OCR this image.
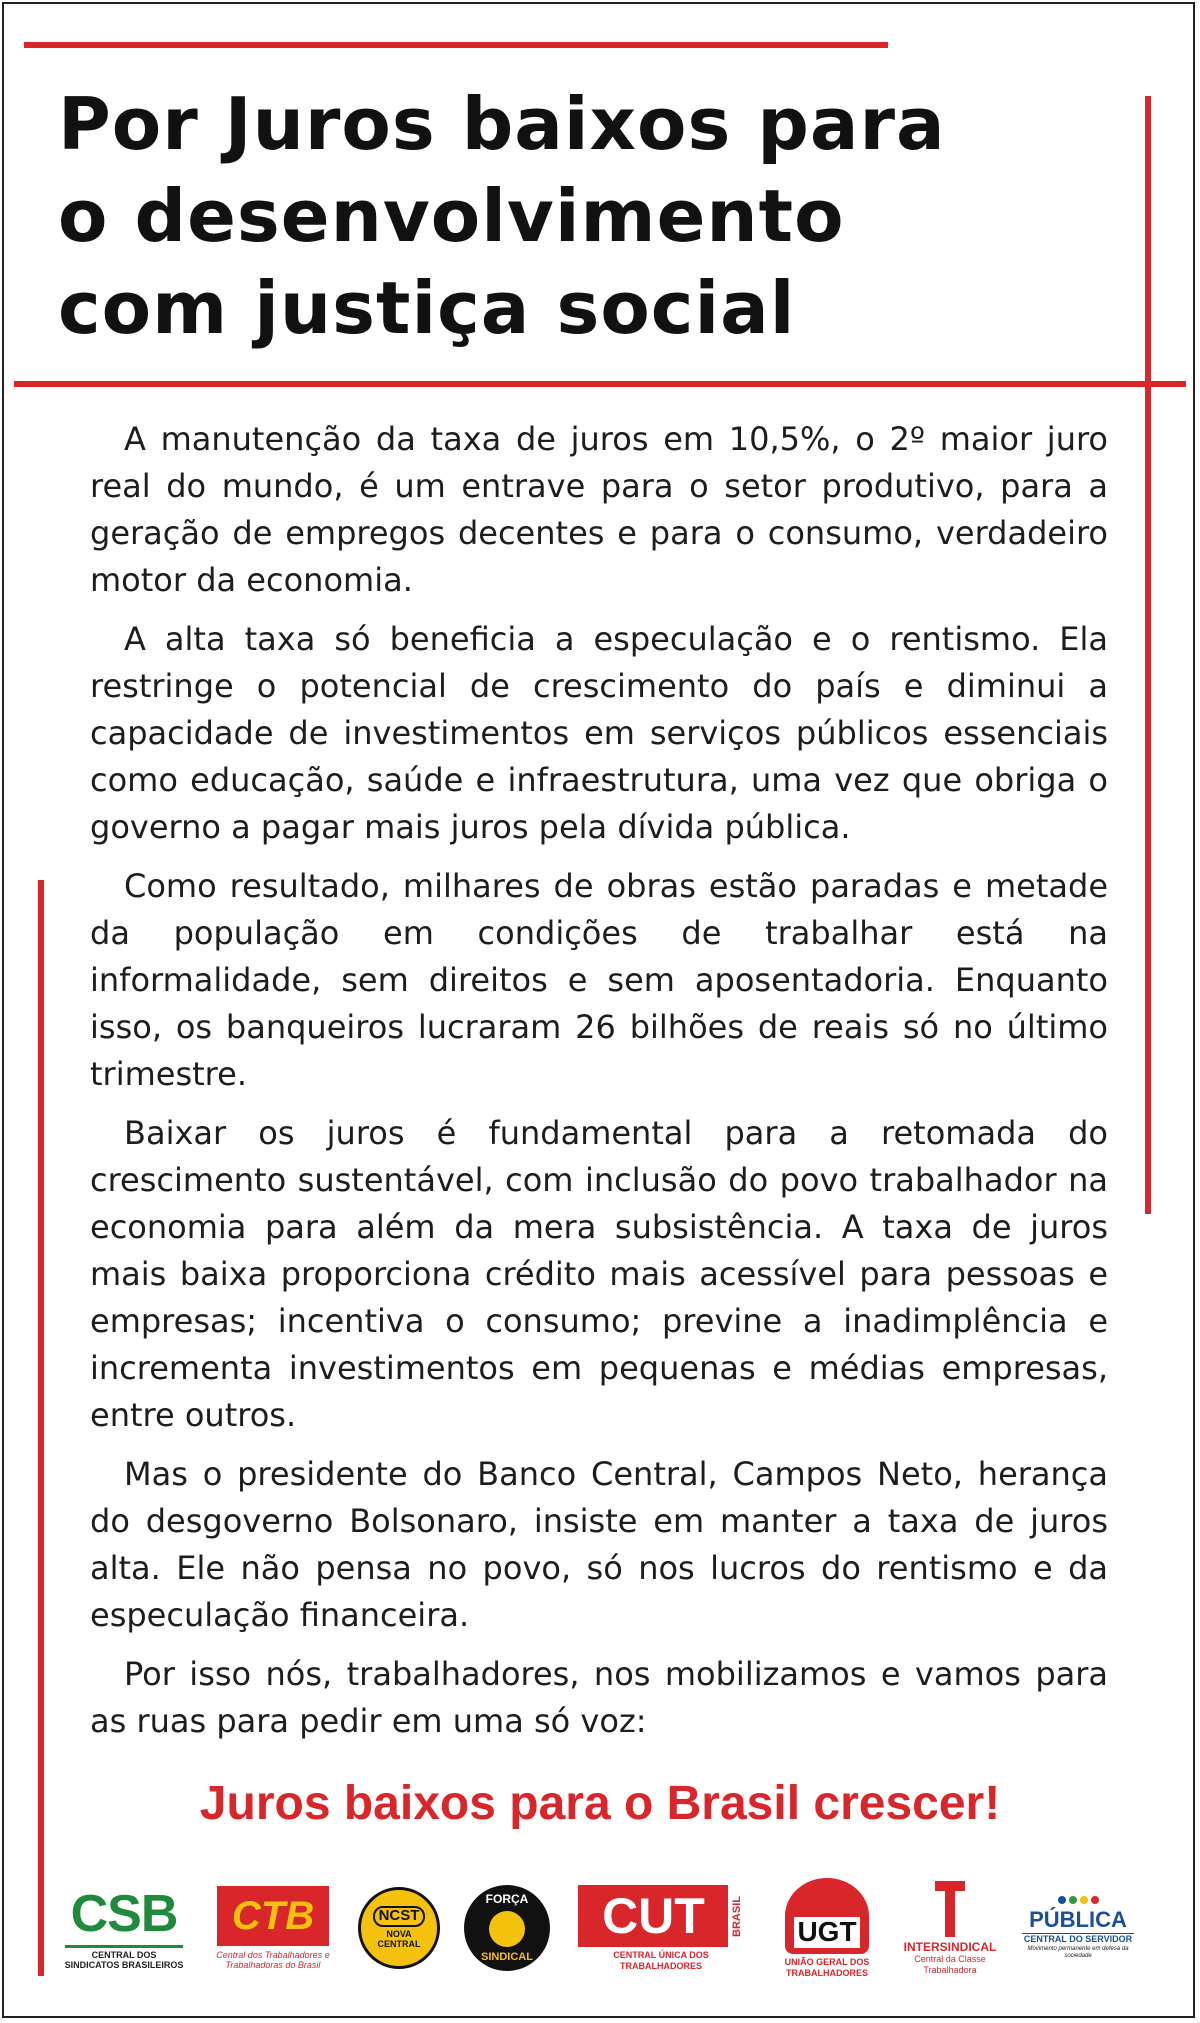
Por Juros baixos para
o desenvolvimento
com justiça social

A manutenção da taxa de juros em 10,5%, o 2º maior juro real do mundo, é um entrave para o setor produtivo, para a geração de empregos decentes e para o consumo, verdadeiro motor da economia.

A alta taxa só beneficia a especulação e o rentismo. Ela restringe o potencial de crescimento do país e diminui a capacidade de investimentos em serviços públicos essenciais como educação, saúde e infraestrutura, uma vez que obriga o governo a pagar mais juros pela dívida pública.

Como resultado, milhares de obras estão paradas e metade da população em condições de trabalhar está na informalidade, sem direitos e sem aposentadoria. Enquanto isso, os banqueiros lucraram 26 bilhões de reais só no último trimestre.

Baixar os juros é fundamental para a retomada do crescimento sustentável, com inclusão do povo trabalhador na economia para além da mera subsistência. A taxa de juros mais baixa proporciona crédito mais acessível para pessoas e empresas; incentiva o consumo; previne a inadimplência e incrementa investimentos em pequenas e médias empresas, entre outros.

Mas o presidente do Banco Central, Campos Neto, herança do desgoverno Bolsonaro, insiste em manter a taxa de juros alta. Ele não pensa no povo, só nos lucros do rentismo e da especulação financeira.

Por isso nós, trabalhadores, nos mobilizamos e vamos para as ruas para pedir em uma só voz:

Juros baixos para o Brasil crescer!

CSB
CENTRAL DOS SINDICATOS BRASILEIROS
CTB
Central dos Trabalhadores e Trabalhadoras do Brasil
NCST
NOVA CENTRAL
FORÇA
SINDICAL
CUT BRASIL
CENTRAL ÚNICA DOS TRABALHADORES
UGT
UNIÃO GERAL DOS TRABALHADORES
INTERSINDICAL
Central da Classe Trabalhadora
PÚBLICA
CENTRAL DO SERVIDOR
Movimento permanente em defesa da sociedade
